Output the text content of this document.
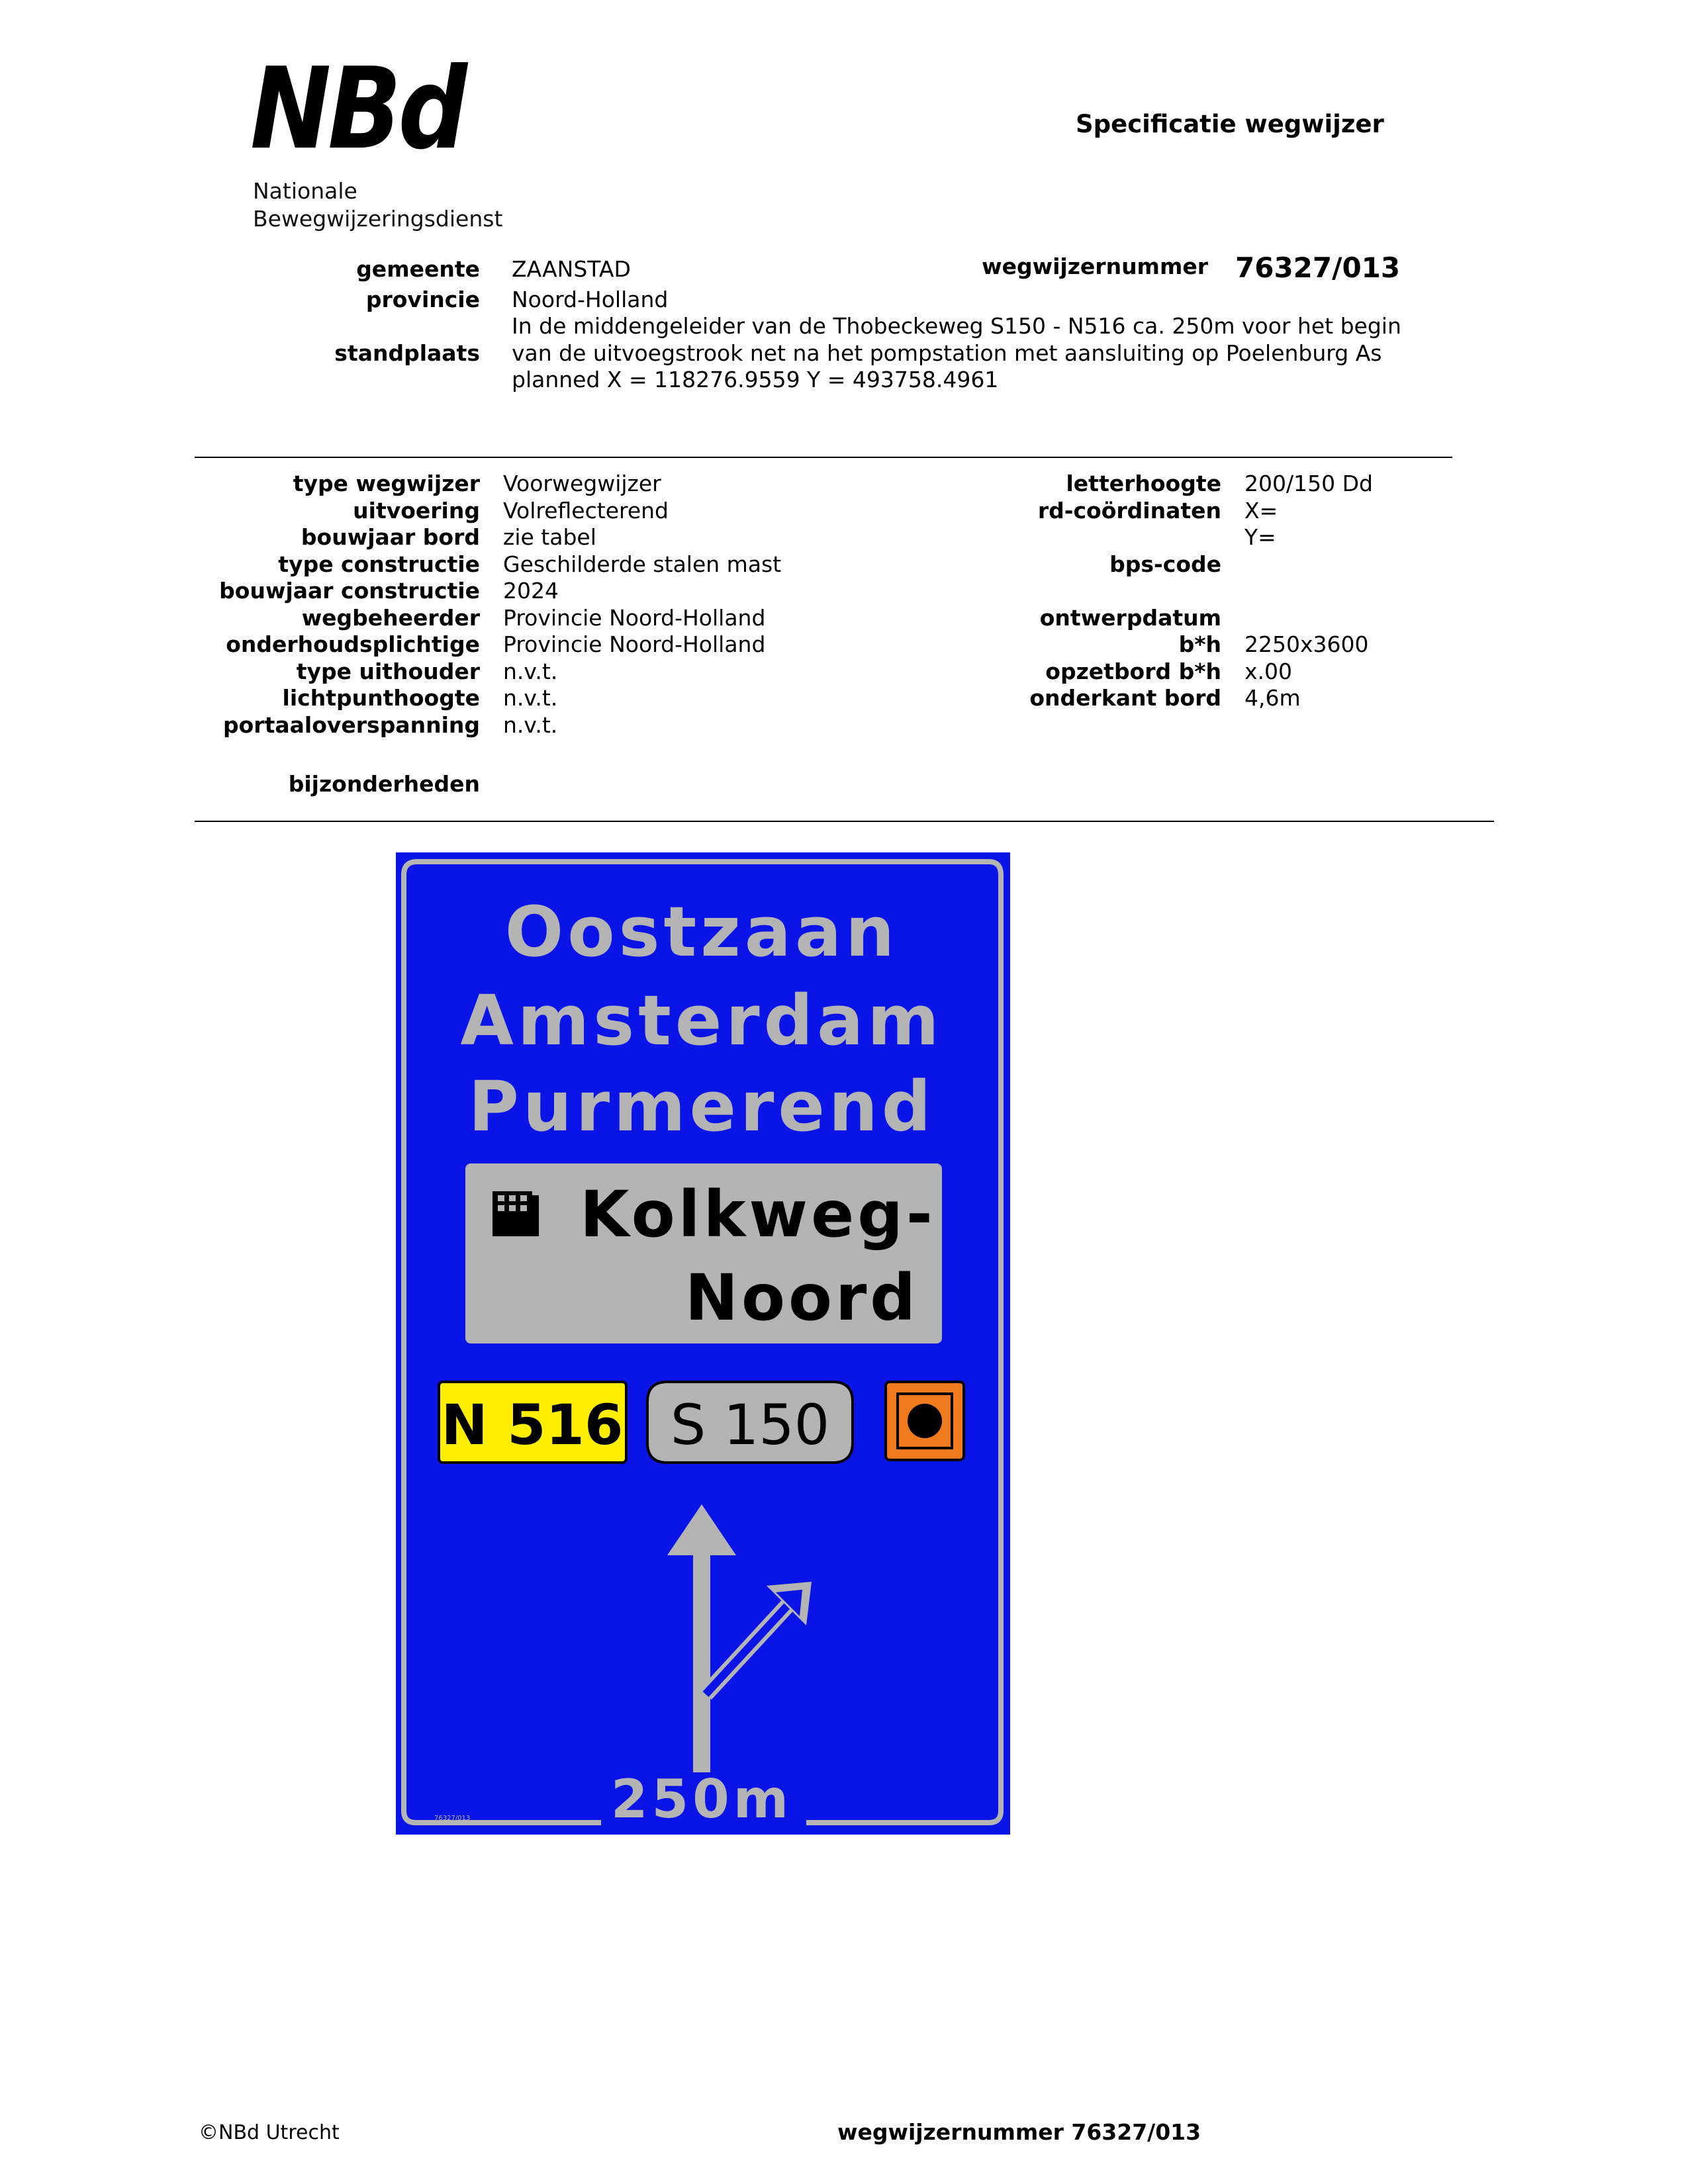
NBd
Nationale
Bewegwijzeringsdienst
Specificatie wegwijzer
gemeente ZAANSTAD
provincie Noord-Holland
standplaats
In de middengeleider van de Thobeckeweg S150 - N516 ca. 250m voor het begin
van de uitvoegstrook net na het pompstation met aansluiting op Poelenburg As
planned X = 118276.9559 Y = 493758.4961
wegwijzernummer 76327/013
type wegwijzer Voorwegwijzer
uitvoering Volreflecterend
bouwjaar bord zie tabel
type constructie Geschilderde stalen mast
bouwjaar constructie 2024
wegbeheerder Provincie Noord-Holland
onderhoudsplichtige Provincie Noord-Holland
type uithouder n.v.t.
lichtpunthoogte n.v.t.
portaaloverspanning n.v.t.
bijzonderheden
letterhoogte 200/150 Dd
rd-coördinaten X=
Y=
bps-code
ontwerpdatum
b*h 2250x3600
opzetbord b*h x.00
onderkant bord 4,6m
Oostzaan
Amsterdam
Purmerend
Kolkweg-
Noord
N 516 S 150
250m
76327/013
©NBd Utrecht	wegwijzernummer 76327/013
